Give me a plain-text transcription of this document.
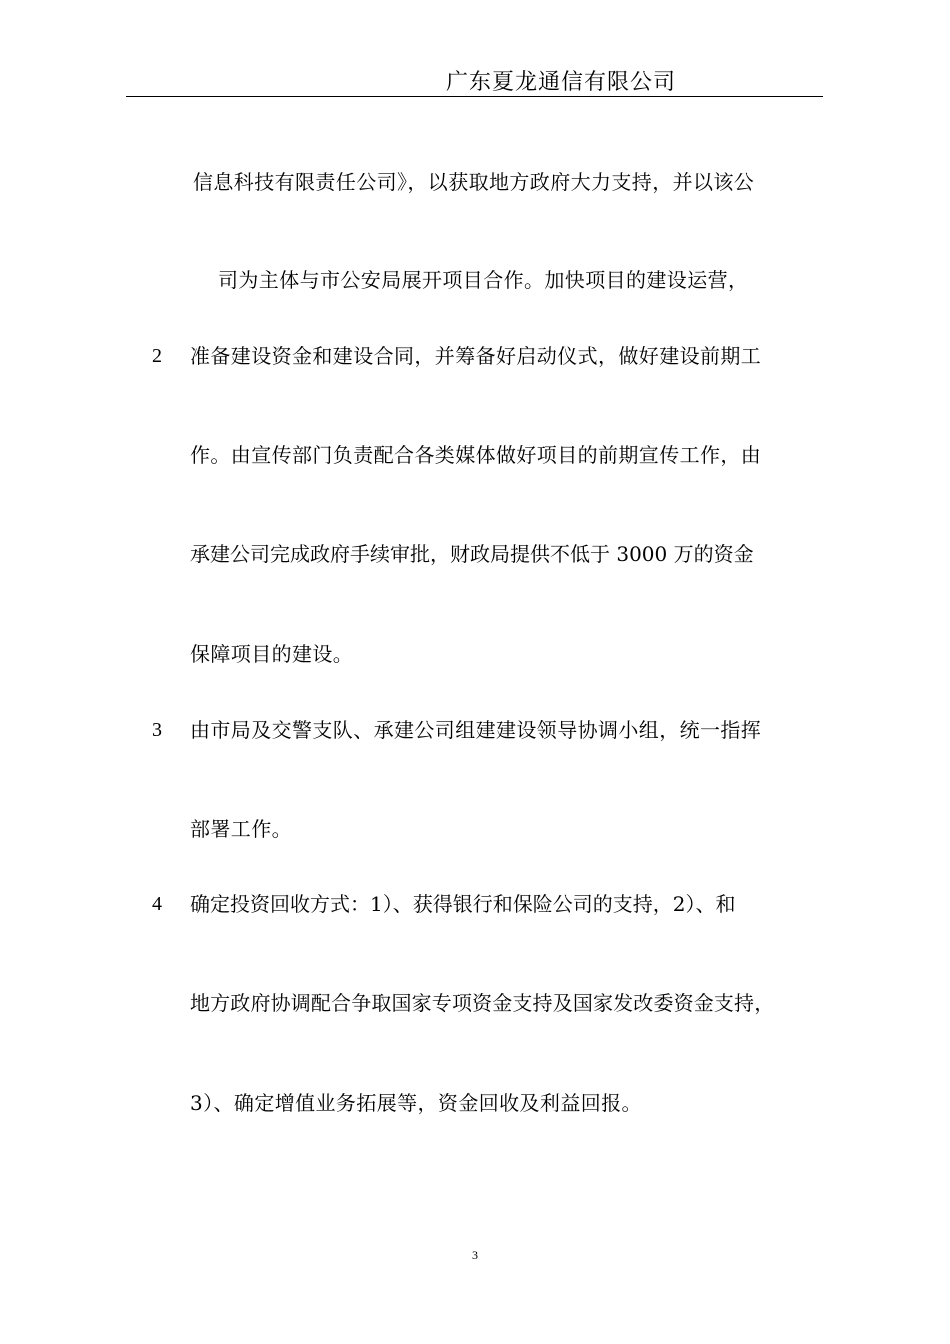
广东夏龙通信有限公司
信息科技有限责任公司》，以获取地方政府大力支持，并以该公
司为主体与市公安局展开项目合作。加快项目的建设运营，
2 准备建设资金和建设合同，并筹备好启动仪式，做好建设前期工
作。由宣传部门负责配合各类媒体做好项目的前期宣传工作，由
承建公司完成政府手续审批，财政局提供不低于 3000 万的资金
保障项目的建设。
3 由市局及交警支队、承建公司组建建设领导协调小组，统一指挥
部署工作。
4 确定投资回收方式：1）、获得银行和保险公司的支持，2）、和
地方政府协调配合争取国家专项资金支持及国家发改委资金支持，
3）、确定增值业务拓展等，资金回收及利益回报。
3
